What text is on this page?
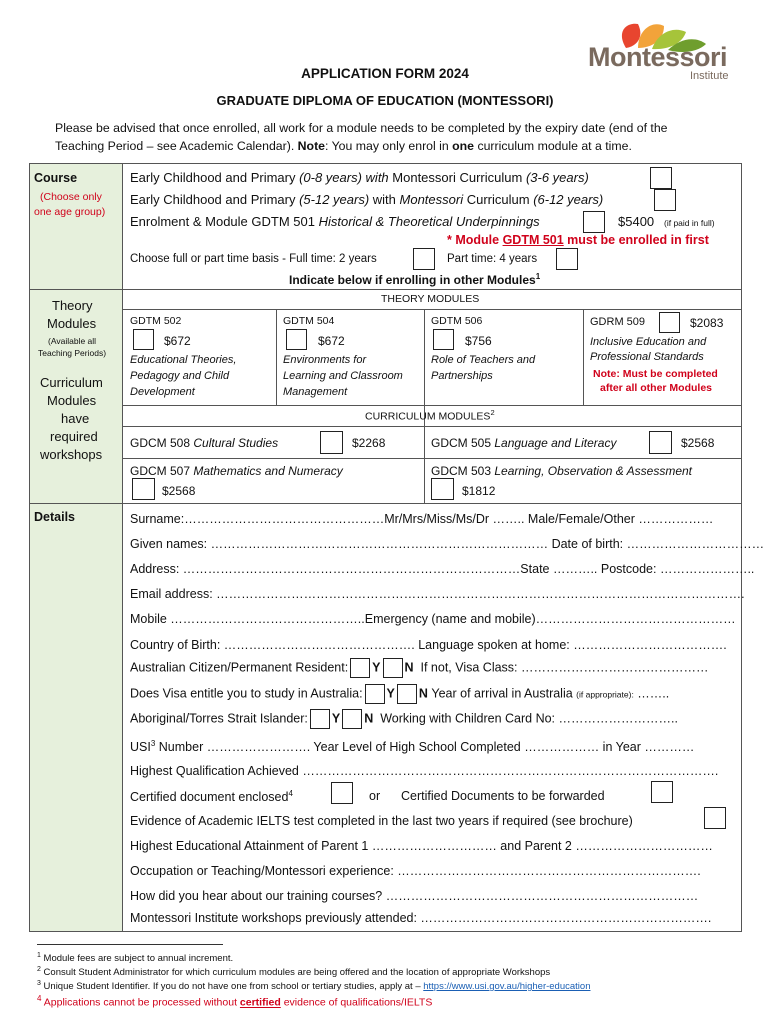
Montessori
Institute
APPLICATION FORM 2024
GRADUATE DIPLOMA OF EDUCATION (MONTESSORI)
Please be advised that once enrolled, all work for a module needs to be completed by the expiry date (end of the
Teaching Period – see Academic Calendar). Note: You may only enrol in one curriculum module at a time.
Course
(Choose only
one age group)
Early Childhood and Primary (0-8 years) with Montessori Curriculum (3-6 years)
Early Childhood and Primary (5-12 years) with Montessori Curriculum (6-12 years)
Enrolment & Module GDTM 501 Historical & Theoretical Underpinnings	$5400 (if paid in full)
* Module GDTM 501 must be enrolled in first
Choose full or part time basis - Full time: 2 years	Part time: 4 years
Indicate below if enrolling in other Modules$^1$
Theory
Modules
(Available all
Teaching Periods)
Curriculum
Modules
have
required
workshops
THEORY MODULES
GDTM 502
$672
Educational Theories,
Pedagogy and Child
Development
GDTM 504
$672
Environments for
Learning and Classroom
Management
GDTM 506
$756
Role of Teachers and
Partnerships
GDRM 509	$2083
Inclusive Education and
Professional Standards
Note: Must be completed
after all other Modules
CURRICULUM MODULES$^2$
GDCM 508 Cultural Studies	$2268	GDCM 505 Language and Literacy	$2568
GDCM 507 Mathematics and Numeracy
$2568
GDCM 503 Learning, Observation & Assessment
$1812
Details	Surname:…………………………………………Mr/Mrs/Miss/Ms/Dr …….. Male/Female/Other ………………
Given names: ……………………………………………………………………… Date of birth: ……………………………
Address: ………………………………………………………………………State ……….. Postcode: …………………..
Email address: ……………………………………………………………………………………………………………….
Mobile ………………………………………..Emergency (name and mobile)…………………………………………
Country of Birth: ………………………………………. Language spoken at home: ……………………………….
Australian Citizen/Permanent Resident: Y N If not, Visa Class: ………………………………………
Does Visa entitle you to study in Australia: Y N Year of arrival in Australia (if appropriate): ……..
Aboriginal/Torres Strait Islander: Y N Working with Children Card No: ………………………..
USI$^3$ Number ……………………. Year Level of High School Completed ……………… in Year …………
Highest Qualification Achieved ……………………………………………………………………………………….
Certified document enclosed$^4$	or Certified Documents to be forwarded
Evidence of Academic IELTS test completed in the last two years if required (see brochure)
Highest Educational Attainment of Parent 1 ………………………… and Parent 2 ……………………………
Occupation or Teaching/Montessori experience: ……………………………………………………………….
How did you hear about our training courses? …………………………………………………………………
Montessori Institute workshops previously attended: …………………………………………………………….
$^1$ Module fees are subject to annual increment.
$^2$ Consult Student Administrator for which curriculum modules are being offered and the location of appropriate Workshops
$^3$ Unique Student Identifier. If you do not have one from school or tertiary studies, apply at – https://www.usi.gov.au/higher-education
$^4$ Applications cannot be processed without certified evidence of qualifications/IELTS
